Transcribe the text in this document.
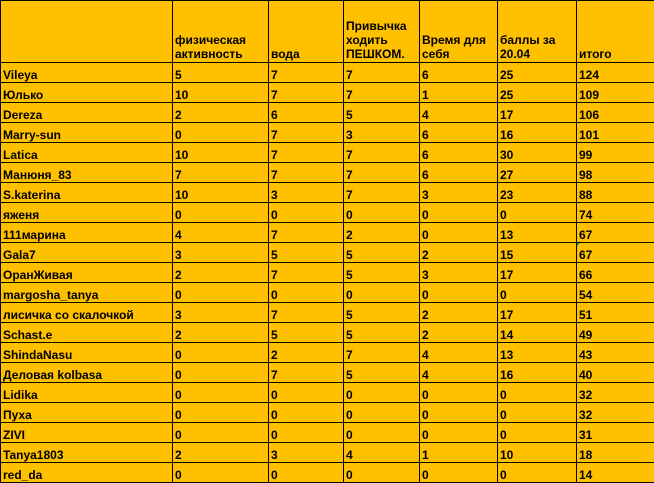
	физическая активность	вода	Привычка ходить ПЕШКОМ.	Время для себя	баллы за 20.04	итого
Vileya	5	7	7	6	25	124
Юлько	10	7	7	1	25	109
Dereza	2	6	5	4	17	106
Marry-sun	0	7	3	6	16	101
Latica	10	7	7	6	30	99
Манюня_83	7	7	7	6	27	98
S.katerina	10	3	7	3	23	88
яженя	0	0	0	0	0	74
111марина	4	7	2	0	13	67
Gala7	3	5	5	2	15	67
ОранЖивая	2	7	5	3	17	66
margosha_tanya	0	0	0	0	0	54
лисичка со скалочкой	3	7	5	2	17	51
Schast.e	2	5	5	2	14	49
ShindaNasu	0	2	7	4	13	43
Деловая kolbasa	0	7	5	4	16	40
Lidika	0	0	0	0	0	32
Пуха	0	0	0	0	0	32
ZIVI	0	0	0	0	0	31
Tanya1803	2	3	4	1	10	18
red_da	0	0	0	0	0	14
